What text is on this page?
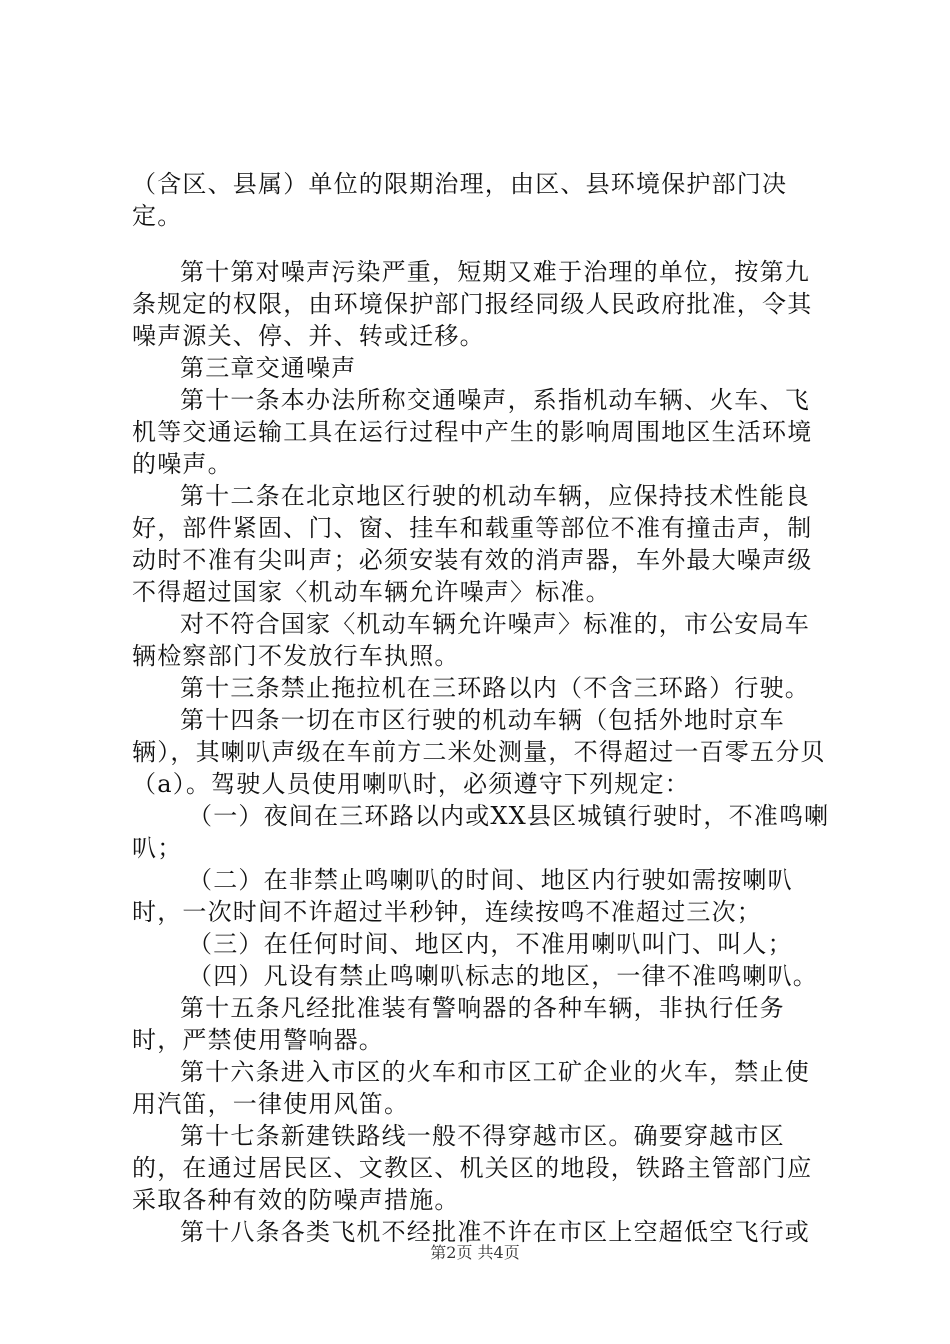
（含区、县属）单位的限期治理，由区、县环境保护部门决定。

第十第对噪声污染严重，短期又难于治理的单位，按第九条规定的权限，由环境保护部门报经同级人民政府批准，令其噪声源关、停、并、转或迁移。

第三章交通噪声

第十一条本办法所称交通噪声，系指机动车辆、火车、飞机等交通运输工具在运行过程中产生的影响周围地区生活环境的噪声。

第十二条在北京地区行驶的机动车辆，应保持技术性能良好，部件紧固、门、窗、挂车和载重等部位不准有撞击声，制动时不准有尖叫声；必须安装有效的消声器，车外最大噪声级不得超过国家〈机动车辆允许噪声〉标准。

对不符合国家〈机动车辆允许噪声〉标准的，市公安局车辆检察部门不发放行车执照。

第十三条禁止拖拉机在三环路以内（不含三环路）行驶。

第十四条一切在市区行驶的机动车辆（包括外地时京车辆），其喇叭声级在车前方二米处测量，不得超过一百零五分贝（a）。驾驶人员使用喇叭时，必须遵守下列规定：

（一）夜间在三环路以内或XX县区城镇行驶时，不准鸣喇叭；

（二）在非禁止鸣喇叭的时间、地区内行驶如需按喇叭时，一次时间不许超过半秒钟，连续按鸣不准超过三次；

（三）在任何时间、地区内，不准用喇叭叫门、叫人；

（四）凡设有禁止鸣喇叭标志的地区，一律不准鸣喇叭。

第十五条凡经批准装有警响器的各种车辆，非执行任务时，严禁使用警响器。

第十六条进入市区的火车和市区工矿企业的火车，禁止使用汽笛，一律使用风笛。

第十七条新建铁路线一般不得穿越市区。确要穿越市区的，在通过居民区、文教区、机关区的地段，铁路主管部门应采取各种有效的防噪声措施。

第十八条各类飞机不经批准不许在市区上空超低空飞行或

第2页 共4页
